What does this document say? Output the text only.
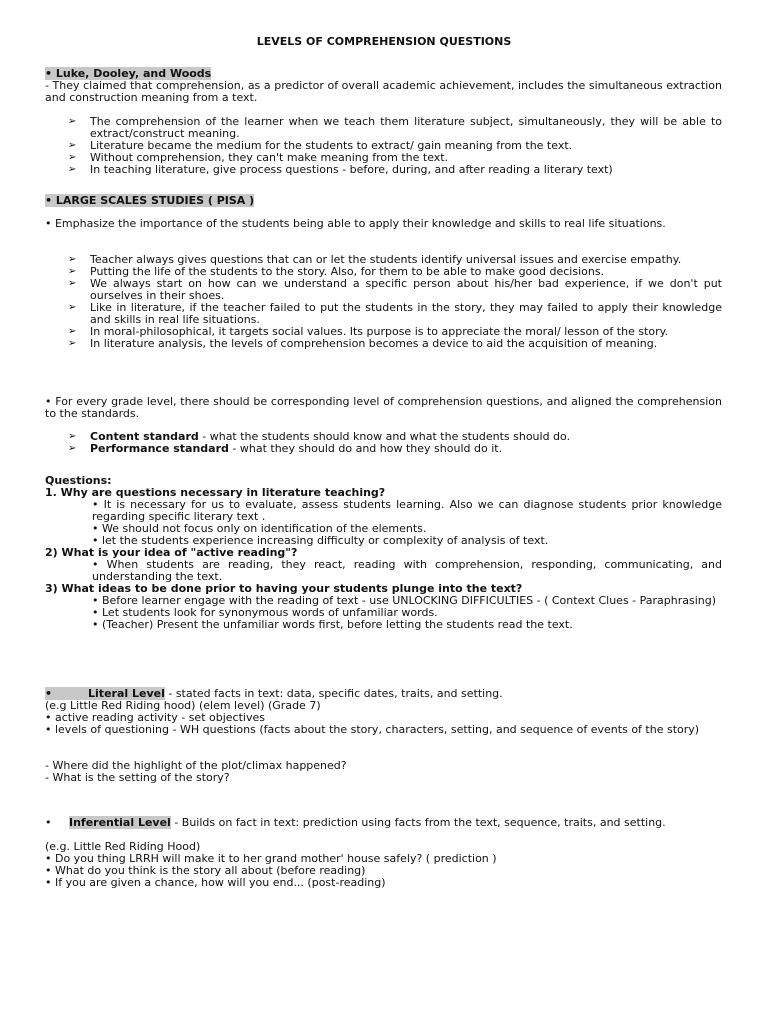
LEVELS OF COMPREHENSION QUESTIONS

• Luke, Dooley, and Woods

- They claimed that comprehension, as a predictor of overall academic achievement, includes the simultaneous extraction and construction meaning from a text.

➢ The comprehension of the learner when we teach them literature subject, simultaneously, they will be able to extract/construct meaning.
➢ Literature became the medium for the students to extract/ gain meaning from the text.
➢ Without comprehension, they can't make meaning from the text.
➢ In teaching literature, give process questions - before, during, and after reading a literary text)

• LARGE SCALES STUDIES ( PISA )

• Emphasize the importance of the students being able to apply their knowledge and skills to real life situations.

➢ Teacher always gives questions that can or let the students identify universal issues and exercise empathy.
➢ Putting the life of the students to the story. Also, for them to be able to make good decisions.
➢ We always start on how can we understand a specific person about his/her bad experience, if we don't put ourselves in their shoes.
➢ Like in literature, if the teacher failed to put the students in the story, they may failed to apply their knowledge and skills in real life situations.
➢ In moral-philosophical, it targets social values. Its purpose is to appreciate the moral/ lesson of the story.
➢ In literature analysis, the levels of comprehension becomes a device to aid the acquisition of meaning.

• For every grade level, there should be corresponding level of comprehension questions, and aligned the comprehension to the standards.

➢ Content standard - what the students should know and what the students should do.
➢ Performance standard - what they should do and how they should do it.
Questions:
1. Why are questions necessary in literature teaching?
• It is necessary for us to evaluate, assess students learning. Also we can diagnose students prior knowledge regarding specific literary text .
• We should not focus only on identification of the elements.
• let the students experience increasing difficulty or complexity of analysis of text.
2) What is your idea of "active reading"?
• When students are reading, they react, reading with comprehension, responding, communicating, and understanding the text.
3) What ideas to be done prior to having your students plunge into the text?
• Before learner engage with the reading of text - use UNLOCKING DIFFICULTIES - ( Context Clues - Paraphrasing)
• Let students look for synonymous words of unfamiliar words.
• (Teacher) Present the unfamiliar words first, before letting the students read the text.
•	Literal Level - stated facts in text: data, specific dates, traits, and setting.
(e.g Little Red Riding hood) (elem level) (Grade 7)
• active reading activity - set objectives
• levels of questioning - WH questions (facts about the story, characters, setting, and sequence of events of the story)
- Where did the highlight of the plot/climax happened?
- What is the setting of the story?
• Inferential Level - Builds on fact in text: prediction using facts from the text, sequence, traits, and setting.
(e.g. Little Red Riding Hood)
• Do you thing LRRH will make it to her grand mother' house safely? ( prediction )
• What do you think is the story all about (before reading)
• If you are given a chance, how will you end... (post-reading)
